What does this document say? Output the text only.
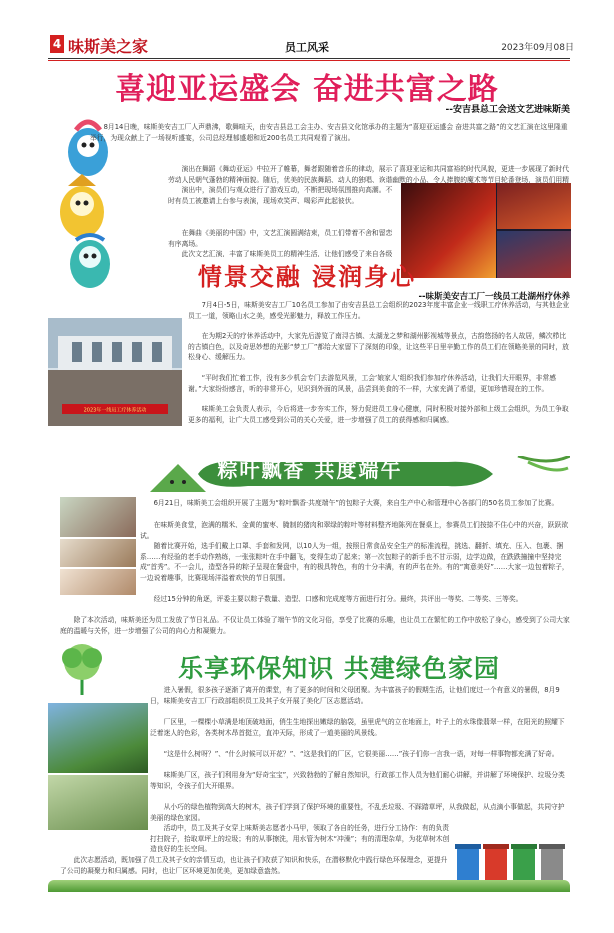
4 味斯美之家	员工风采	2023年09月08日
喜迎亚运盛会 奋进共富之路
--安吉县总工会送文艺进味斯美
8月14日晚，味斯美安吉工厂人声鼎沸，歌舞喧天，由安吉县总工会主办、安吉县文化馆承办的主题为“喜迎亚运盛会 奋进共富之路”的文艺汇演在这里隆重举行，为现众献上了一场视听盛宴，公司总经理郁盛超和近200名员工共同观看了演出。
演出在舞蹈《舞动亚运》中拉开了帷幕，舞者跟随着音乐的律动，展示了喜迎亚运和共同富裕的时代风貌，更进一步展现了新时代劳动人民朝气蓬勃的精神面貌。随后，优美的民族舞蹈、动人的独唱、诙谐幽默的小品、令人捧腹的魔术等节目轮番登场，演员们用精
演出中，演员们与观众进行了游戏互动，不断把现场氛围推向高潮。不时有员工被邀请上台参与表演，现场欢笑声、喝彩声此起彼伏。
在舞曲《美丽的中国》中，文艺汇演圆满结束，员工们带着不舍和留恋有序离场。
此次文艺汇演，丰富了味斯美员工的精神生活，让他们感受了来自各级
情景交融 浸润身心
--味斯美安吉工厂一线员工赴湖州疗休养
2023年一线员工疗休养活动
7月4日-5日，味斯美安吉工厂10名员工参加了由安吉县总工会组织的2023年度丰富企业一线职工疗休养活动，与其他企业员工一道，领略山水之美，感受光影魅力，释放工作压力。
在为期2天的疗休养活动中，大家先后游览了南浔古镇、太湖龙之梦和湖州影视城等景点，古韵悠扬的名人故居，鳞次栉比的古镇白色，以及奇思妙想的光影“梦工厂”都给大家留下了深刻的印象，让这些平日里辛勤工作的员工们在领略美景的同时，放松身心、缓解压力。
“平时我们忙着工作，没有多少机会专门去游览风景，工会‘娘家人’组织我们参加疗休养活动，让我们大开眼界，非常感谢。”大家纷纷感言，听的非常开心，见识到外面的风景，品尝到美食的不一样，大家充满了希望，更加珍惜现在的工作。
味斯美工会负责人表示，今后将进一步夯实工作，努力促进员工身心健康，同时积极对接外部和上级工会组织，为员工争取更多的福利，让广大员工感受到公司的关心关爱，进一步增强了员工的获得感和归属感。
粽叶飘香 共度端午
6月21日，味斯美工会组织开展了主题为“粽叶飘香·共度端午”的包粽子大赛，来自生产中心和管理中心各部门的50名员工参加了比赛。
在味斯美食堂，泡满的糯米、金黄的蜜枣、腌制的猪肉和翠绿的粽叶等材料整齐地陈列在餐桌上，参赛员工们按捺不住心中的兴奋，跃跃欲试。
随着比赛开始，选手们戴上口罩、手套和发网，以10人为一组，按照日常食品安全生产的标准流程，挑选、翻折、填充、压入、包裹、捆系……有经验的老手动作熟练，一张张粽叶在手中翻飞，变得生动了起来；第一次包粽子的新手也不甘示弱，边学边做，在跌跌撞撞中坚持完成“首秀”。不一会儿，造型各异的粽子呈现在餐盘中，有的极具特色，有的十分丰满，有的声名在外。有的“寓意美好”……大家一边包着粽子，一边说着趣事，比赛现场洋溢着欢快的节日氛围。
经过15分钟的角逐，评委主要以粽子数量、造型、口感和完成度等方面进行打分。最终，共评出一等奖、二等奖、三等奖。
除了本次活动，味斯美还为员工发放了节日礼品。不仅让员工体验了端午节的文化习俗，享受了比赛的乐趣，也让员工在繁忙的工作中放松了身心，感受到了公司大家庭的温暖与关怀，进一步增强了公司的向心力和凝聚力。
乐享环保知识 共建绿色家园
进入暑假，很多孩子逐渐了离开的课堂，有了更多的时间和父母团聚。为丰富孩子的假期生活，让他们度过一个有意义的暑假，8月9日，味斯美安吉工厂行政部组织员工及其子女开展了美化厂区志愿活动。
厂区里，一棵棵小草满是地顶破地面，俏生生地探出嫩绿的脑袋，虽里虎气的立在地面上，叶子上的水珠像翡翠一样，在阳光的照耀下泛着迷人的色彩，各类树木昂首挺立，直冲天际，形成了一道美丽的风景线。
“这是什么树呀？”、“什么时候可以开花？”、“这是我们的厂区，它很美丽……”孩子们你一言我一语，对每一样事物都充满了好奇。
味斯美厂区，孩子们利用身为“好奇宝宝”，兴致勃勃的了解自然知识，行政部工作人员为他们耐心讲解，并讲解了环境保护、垃圾分类等知识，令孩子们大开眼界。
从小巧的绿色植物到高大的树木，孩子们学到了保护环境的重要性，不乱丢垃圾、不踩踏草坪，从我做起，从点滴小事做起，共同守护美丽的绿色家园。
活动中，员工及其子女穿上味斯美志愿者小马甲，领取了各自的任务，进行分工协作：有的负责打扫院子，拾取草坪上的垃圾；有的从事擦洗，用水管为树木“冲澡”；有的清理杂草，为花草树木创造良好的生长空间。
此次志愿活动，既加强了员工及其子女的亲情互动，也让孩子们收获了知识和快乐，在潜移默化中践行绿色环保理念，更提升了公司的凝聚力和归属感。同时，也让厂区环境更加优美，更加绿意盎然。
